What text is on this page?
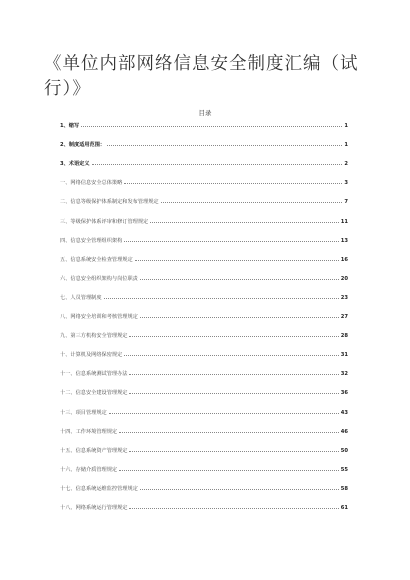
《单位内部网络信息安全制度汇编（试行）》
目录
1、缩写	1
2、制度适用范围：	1
3、术语定义	2
一、网络信息安全总体策略	3
二、信息等级保护体系制定和发布管理规定	7
三、等级保护体系评审和修订管理规定	11
四、信息安全管理组织架构	13
五、信息系统安全检查管理规定	16
六、信息安全组织架构与岗位职责	20
七、人员管理制度	23
八、网络安全培训和考核管理规定	27
九、第三方机构安全管理规定	28
十、计算机及网络保密规定	31
十一、信息系统测试管理办法	32
十二、信息安全建设管理规定	36
十三、项目管理规定	43
十四、工作环境管理规定	46
十五、信息系统资产管理规定	50
十六、存储介质管理规定	55
十七、信息系统运维监控管理规定	58
十八、网络系统运行管理规定	61
